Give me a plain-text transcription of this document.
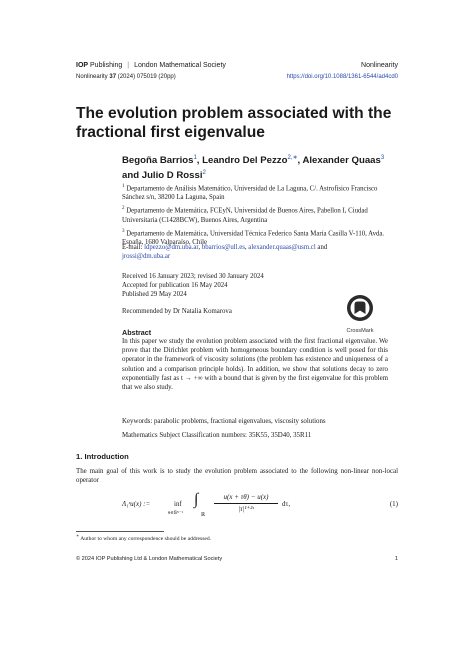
IOP Publishing | London Mathematical Society	Nonlinearity
Nonlinearity 37 (2024) 075019 (20pp)	https://doi.org/10.1088/1361-6544/ad4cd0
The evolution problem associated with the fractional first eigenvalue
Begoña Barrios$^1$, Leandro Del Pezzo$^{2,∗}$, Alexander Quaas$^3$
and Julio D Rossi$^2$
$^1$ Departamento de Análisis Matemático, Universidad de La Laguna, C/. Astrofísico Francisco Sánchez s/n, 38200 La Laguna, Spain
$^2$ Departamento de Matemática, FCEyN, Universidad de Buenos Aires, Pabellon I, Ciudad Universitaria (C1428BCW), Buenos Aires, Argentina
$^3$ Departamento de Matemática, Universidad Técnica Federico Santa María Casilla V-110, Avda. España, 1680 Valparaíso, Chile
E-mail: ldpezzo@dm.uba.ar, bbarrios@ull.es, alexander.quaas@usm.cl and
jrossi@dm.uba.ar
Received 16 January 2023; revised 30 January 2024
Accepted for publication 16 May 2024
Published 29 May 2024
Recommended by Dr Natalia Komarova
CrossMark
Abstract
In this paper we study the evolution problem associated with the first fractional eigenvalue. We prove that the Dirichlet problem with homogeneous boundary condition is well posed for this operator in the framework of viscosity solutions (the problem has existence and uniqueness of a solution and a comparison principle holds). In addition, we show that solutions decay to zero exponentially fast as t → +∞ with a bound that is given by the first eigenvalue for this problem that we also study.
Keywords: parabolic problems, fractional eigenvalues, viscosity solutions
Mathematics Subject Classification numbers: 35K55, 35D40, 35R11
1. Introduction
The main goal of this work is to study the evolution problem associated to the following non-linear non-local operator
Λ₁ˢu(x) :=	inf
θ∈𝕊ᴺ⁻¹
∫
ℝ
u(x + τθ) − u(x)
|τ|¹⁺²ˢ
dτ,	(1)
∗ Author to whom any correspondence should be addressed.
© 2024 IOP Publishing Ltd & London Mathematical Society	1
